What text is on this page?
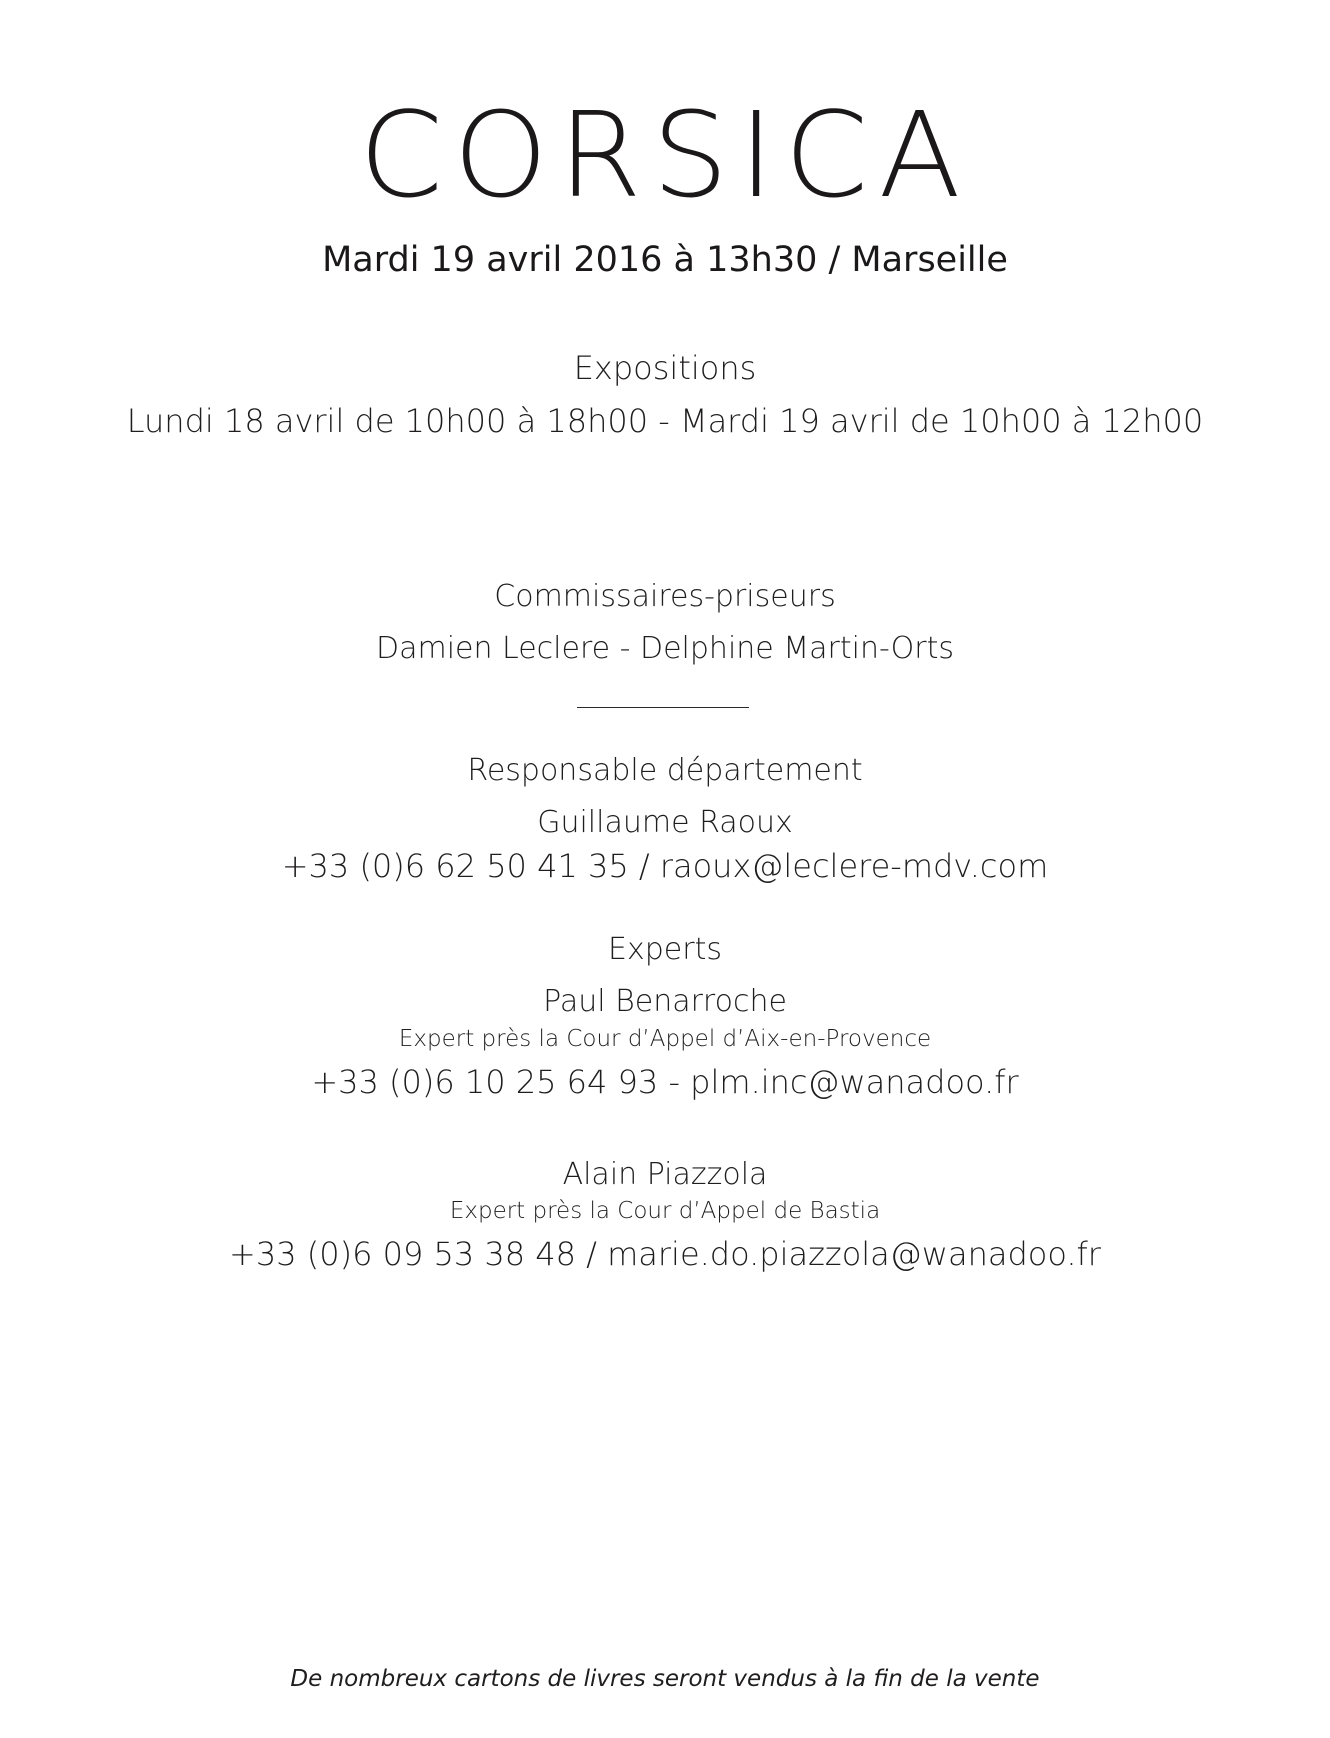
CORSICA
Mardi 19 avril 2016 à 13h30 / Marseille
Expositions
Lundi 18 avril de 10h00 à 18h00 - Mardi 19 avril de 10h00 à 12h00
Commissaires-priseurs
Damien Leclere - Delphine Martin-Orts
Responsable département
Guillaume Raoux
+33 (0)6 62 50 41 35 / raoux@leclere-mdv.com
Experts
Paul Benarroche
Expert près la Cour d’Appel d’Aix-en-Provence
+33 (0)6 10 25 64 93 - plm.inc@wanadoo.fr
Alain Piazzola
Expert près la Cour d’Appel de Bastia
+33 (0)6 09 53 38 48 / marie.do.piazzola@wanadoo.fr
De nombreux cartons de livres seront vendus à la fin de la vente
